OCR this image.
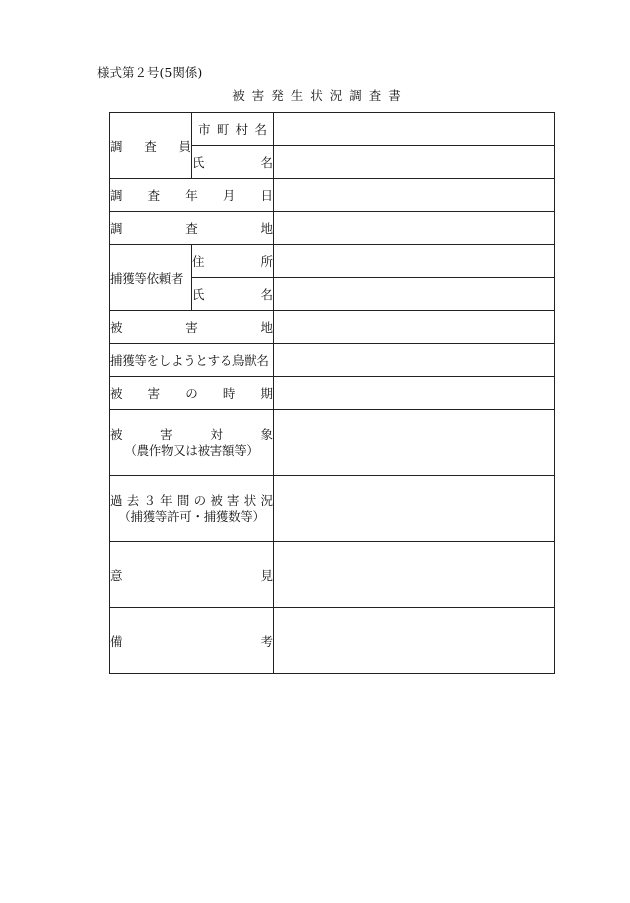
様式第２号(5関係)
被害発生状況調査書
調査員	市町村名	
	氏名	
調査年月日		
調査地		
捕獲等依頼者	住所	
	氏名	
被害地		
捕獲等をしようとする鳥獣名		
被害の時期		

被害対象
（農作物又は被害額等）		

過去３年間の被害状況
（捕獲等許可・捕獲数等）		

意見		
備考		
